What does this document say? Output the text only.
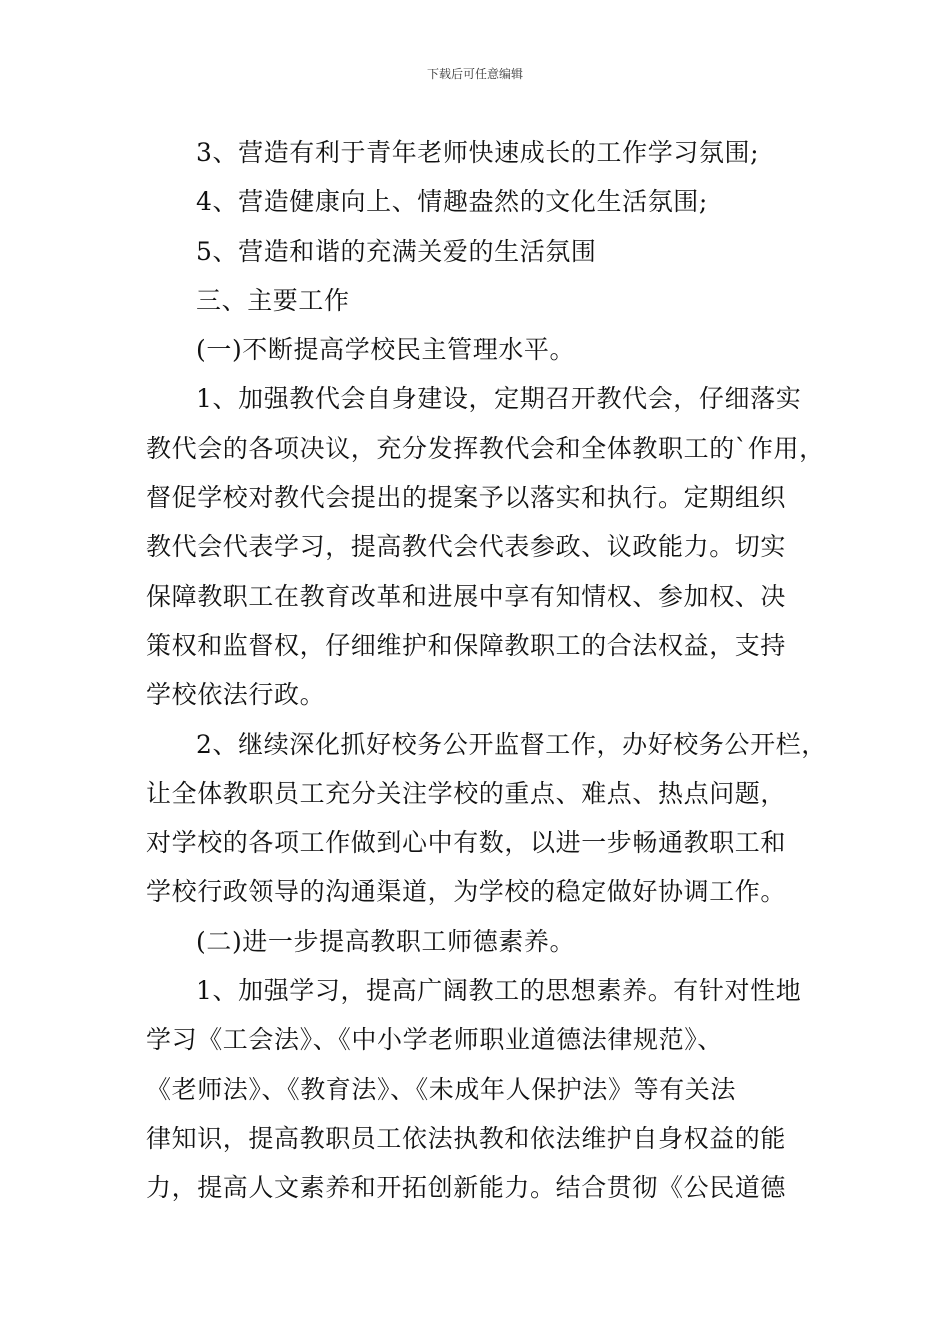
下载后可任意编辑

3、营造有利于青年老师快速成长的工作学习氛围;

4、营造健康向上、情趣盎然的文化生活氛围;

5、营造和谐的充满关爱的生活氛围

三、主要工作

(一)不断提高学校民主管理水平。

1、加强教代会自身建设，定期召开教代会，仔细落实
教代会的各项决议，充分发挥教代会和全体教职工的`作用，
督促学校对教代会提出的提案予以落实和执行。定期组织
教代会代表学习，提高教代会代表参政、议政能力。切实
保障教职工在教育改革和进展中享有知情权、参加权、决
策权和监督权，仔细维护和保障教职工的合法权益，支持
学校依法行政。

2、继续深化抓好校务公开监督工作，办好校务公开栏，
让全体教职员工充分关注学校的重点、难点、热点问题，
对学校的各项工作做到心中有数，以进一步畅通教职工和
学校行政领导的沟通渠道，为学校的稳定做好协调工作。

(二)进一步提高教职工师德素养。

1、加强学习，提高广阔教工的思想素养。有针对性地
学习《工会法》、《中小学老师职业道德法律规范》、
《老师法》、《教育法》、《未成年人保护法》等有关法
律知识，提高教职员工依法执教和依法维护自身权益的能
力，提高人文素养和开拓创新能力。结合贯彻《公民道德
